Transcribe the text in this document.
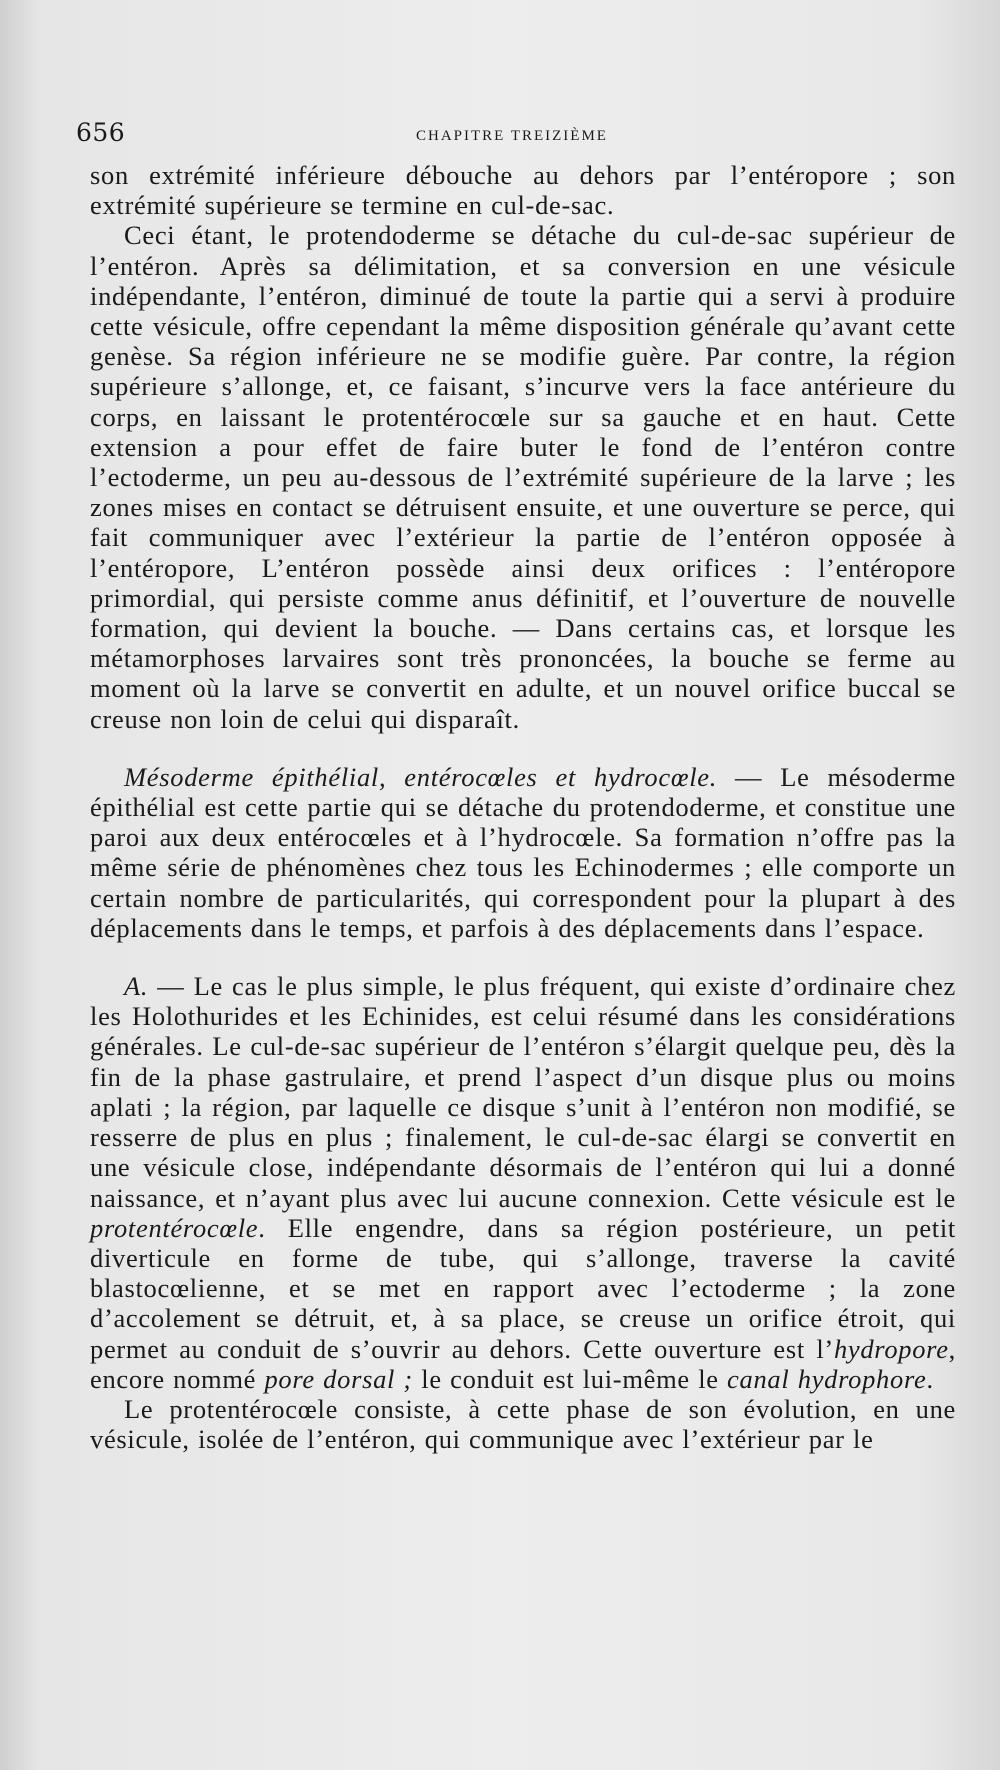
656	CHAPITRE TREIZIÈME

son extrémité inférieure débouche au dehors par l’entéropore ; son extrémité supérieure se termine en cul-de-sac.

Ceci étant, le protendoderme se détache du cul-de-sac supérieur de l’entéron. Après sa délimitation, et sa conversion en une vésicule indépendante, l’entéron, diminué de toute la partie qui a servi à produire cette vésicule, offre cependant la même disposition générale qu’avant cette genèse. Sa région inférieure ne se modifie guère. Par contre, la région supérieure s’allonge, et, ce faisant, s’incurve vers la face antérieure du corps, en laissant le protentérocœle sur sa gauche et en haut. Cette extension a pour effet de faire buter le fond de l’entéron contre l’ectoderme, un peu au-dessous de l’extrémité supérieure de la larve ; les zones mises en contact se détruisent ensuite, et une ouverture se perce, qui fait communiquer avec l’extérieur la partie de l’entéron opposée à l’entéropore, L’entéron possède ainsi deux orifices : l’entéropore primordial, qui persiste comme anus définitif, et l’ouverture de nouvelle formation, qui devient la bouche. — Dans certains cas, et lorsque les métamorphoses larvaires sont très prononcées, la bouche se ferme au moment où la larve se convertit en adulte, et un nouvel orifice buccal se creuse non loin de celui qui disparaît.

Mésoderme épithélial, entérocœles et hydrocœle. — Le mésoderme épithélial est cette partie qui se détache du protendoderme, et constitue une paroi aux deux entérocœles et à l’hydrocœle. Sa formation n’offre pas la même série de phénomènes chez tous les Echinodermes ; elle comporte un certain nombre de particularités, qui correspondent pour la plupart à des déplacements dans le temps, et parfois à des déplacements dans l’espace.

A. — Le cas le plus simple, le plus fréquent, qui existe d’ordinaire chez les Holothurides et les Echinides, est celui résumé dans les considérations générales. Le cul-de-sac supérieur de l’entéron s’élargit quelque peu, dès la fin de la phase gastrulaire, et prend l’aspect d’un disque plus ou moins aplati ; la région, par laquelle ce disque s’unit à l’entéron non modifié, se resserre de plus en plus ; finalement, le cul-de-sac élargi se convertit en une vésicule close, indépendante désormais de l’entéron qui lui a donné naissance, et n’ayant plus avec lui aucune connexion. Cette vésicule est le protentérocœle. Elle engendre, dans sa région postérieure, un petit diverticule en forme de tube, qui s’allonge, traverse la cavité blastocœlienne, et se met en rapport avec l’ectoderme ; la zone d’accolement se détruit, et, à sa place, se creuse un orifice étroit, qui permet au conduit de s’ouvrir au dehors. Cette ouverture est l’hydropore, encore nommé pore dorsal ; le conduit est lui-même le canal hydrophore.

Le protentérocœle consiste, à cette phase de son évolution, en une vésicule, isolée de l’entéron, qui communique avec l’extérieur par le
